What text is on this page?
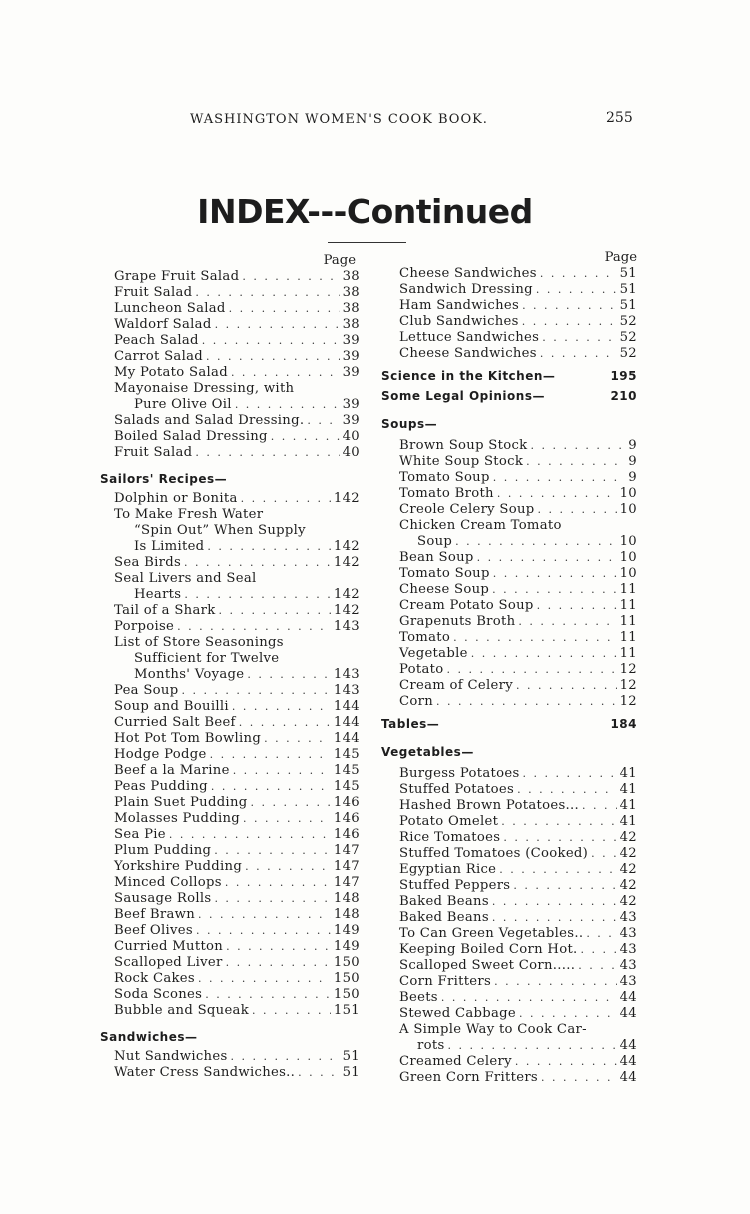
WASHINGTON WOMEN'S COOK BOOK.	255
INDEX---Continued
Page
Grape Fruit Salad . . .	38
Fruit Salad . . .	38
Luncheon Salad . . .	38
Waldorf Salad . . .	38
Peach Salad . . .	39
Carrot Salad . . .	39
My Potato Salad . . .	39
Mayonaise Dressing, with
Pure Olive Oil . . .	39
Salads and Salad Dressing. . . .	39
Boiled Salad Dressing . . .	40
Fruit Salad . . .	40
Sailors' Recipes—
Dolphin or Bonita . . .	142
To Make Fresh Water
“Spin Out” When Supply
Is Limited . . .	142
Sea Birds . . .	142
Seal Livers and Seal
Hearts . . .	142
Tail of a Shark . . .	142
Porpoise . . .	143
List of Store Seasonings
Sufficient for Twelve
Months' Voyage . . .	143
Pea Soup . . .	143
Soup and Bouilli . . .	144
Curried Salt Beef . . .	144
Hot Pot Tom Bowling . . .	144
Hodge Podge . . .	145
Beef a la Marine . . .	145
Peas Pudding . . .	145
Plain Suet Pudding . . .	146
Molasses Pudding . . .	146
Sea Pie . . .	146
Plum Pudding . . .	147
Yorkshire Pudding . . .	147
Minced Collops . . .	147
Sausage Rolls . . .	148
Beef Brawn . . .	148
Beef Olives . . .	149
Curried Mutton . . .	149
Scalloped Liver . . .	150
Rock Cakes . . .	150
Soda Scones . . .	150
Bubble and Squeak . . .	151
Sandwiches—
Nut Sandwiches . . .	51
Water Cress Sandwiches.. . . .	51
Page
Cheese Sandwiches . . .	51
Sandwich Dressing . . .	51
Ham Sandwiches . . .	51
Club Sandwiches . . .	52
Lettuce Sandwiches . . .	52
Cheese Sandwiches . . .	52
Science in the Kitchen—	195
Some Legal Opinions—	210
Soups—
Brown Soup Stock . . .	9
White Soup Stock . . .	9
Tomato Soup . . .	9
Tomato Broth . . .	10
Creole Celery Soup . . .	10
Chicken Cream Tomato
Soup . . .	10
Bean Soup . . .	10
Tomato Soup . . .	10
Cheese Soup . . .	11
Cream Potato Soup . . .	11
Grapenuts Broth . . .	11
Tomato . . .	11
Vegetable . . .	11
Potato . . .	12
Cream of Celery . . .	12
Corn . . .	12
Tables—	184
Vegetables—
Burgess Potatoes . . .	41
Stuffed Potatoes . . .	41
Hashed Brown Potatoes... . . .	41
Potato Omelet . . .	41
Rice Tomatoes . . .	42
Stuffed Tomatoes (Cooked) . . . 42
Egyptian Rice . . .	42
Stuffed Peppers . . .	42
Baked Beans . . .	42
Baked Beans . . .	43
To Can Green Vegetables.. . . .	43
Keeping Boiled Corn Hot. . . .	43
Scalloped Sweet Corn..... . . .	43
Corn Fritters . . .	43
Beets . . .	44
Stewed Cabbage . . .	44
A Simple Way to Cook Car-
rots . . .	44
Creamed Celery . . .	44
Green Corn Fritters . . .	44
